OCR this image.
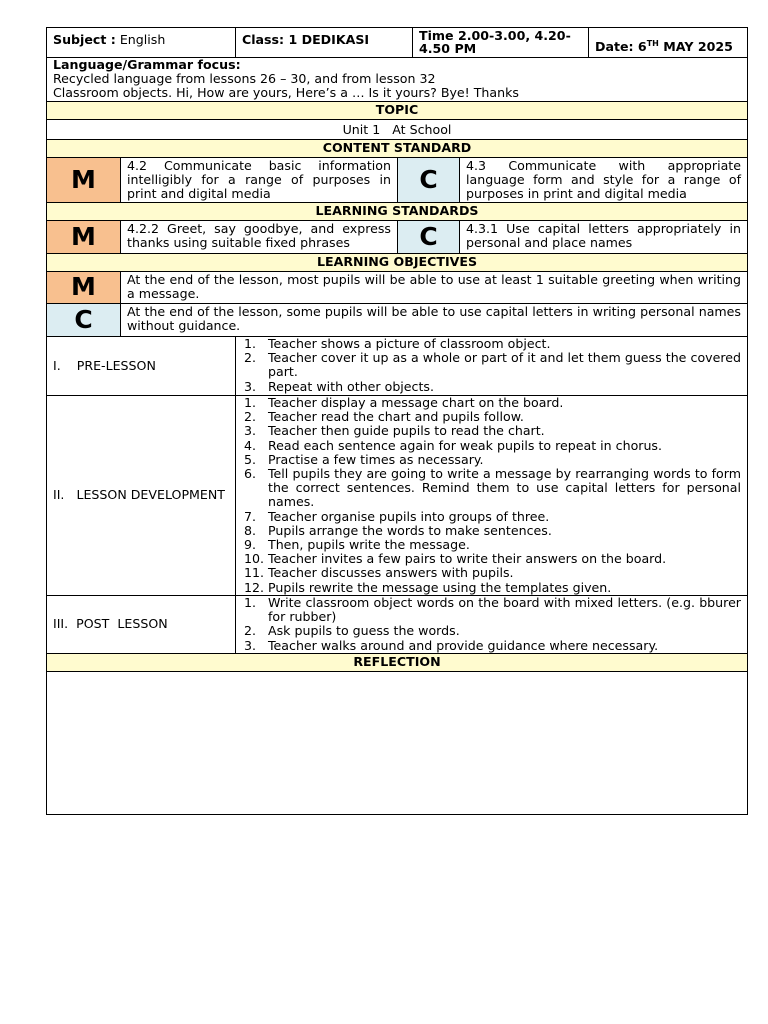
Subject : English	Class: 1 DEDIKASI	Time 2.00-3.00, 4.20-4.50 PM	Date: 6TH MAY 2025
Language/Grammar focus:
Recycled language from lessons 26 – 30, and from lesson 32
Classroom objects. Hi, How are yours, Here’s a … Is it yours? Bye! Thanks
TOPIC
Unit 1   At School
CONTENT STANDARD
M	4.2 Communicate basic information intelligibly for a range of purposes in print and digital media
C	4.3 Communicate with appropriate language form and style for a range of purposes in print and digital media
LEARNING STANDARDS
M	4.2.2 Greet, say goodbye, and express thanks using suitable fixed phrases	C	4.3.1 Use capital letters appropriately in personal and place names
LEARNING OBJECTIVES
M	At the end of the lesson, most pupils will be able to use at least 1 suitable greeting when writing a message.
C	At the end of the lesson, some pupils will be able to use capital letters in writing personal names without guidance.
I.    PRE-LESSON
1. Teacher shows a picture of classroom object.
2. Teacher cover it up as a whole or part of it and let them guess the covered part.
3. Repeat with other objects.
II.   LESSON DEVELOPMENT
1. Teacher display a message chart on the board.
2. Teacher read the chart and pupils follow.
3. Teacher then guide pupils to read the chart.
4. Read each sentence again for weak pupils to repeat in chorus.
5. Practise a few times as necessary.
6. Tell pupils they are going to write a message by rearranging words to form the correct sentences. Remind them to use capital letters for personal names.
7. Teacher organise pupils into groups of three.
8. Pupils arrange the words to make sentences.
9. Then, pupils write the message.
10. Teacher invites a few pairs to write their answers on the board.
11. Teacher discusses answers with pupils.
12. Pupils rewrite the message using the templates given.
III.  POST  LESSON
1. Write classroom object words on the board with mixed letters. (e.g. bburer for rubber)
2. Ask pupils to guess the words.
3. Teacher walks around and provide guidance where necessary.
REFLECTION
